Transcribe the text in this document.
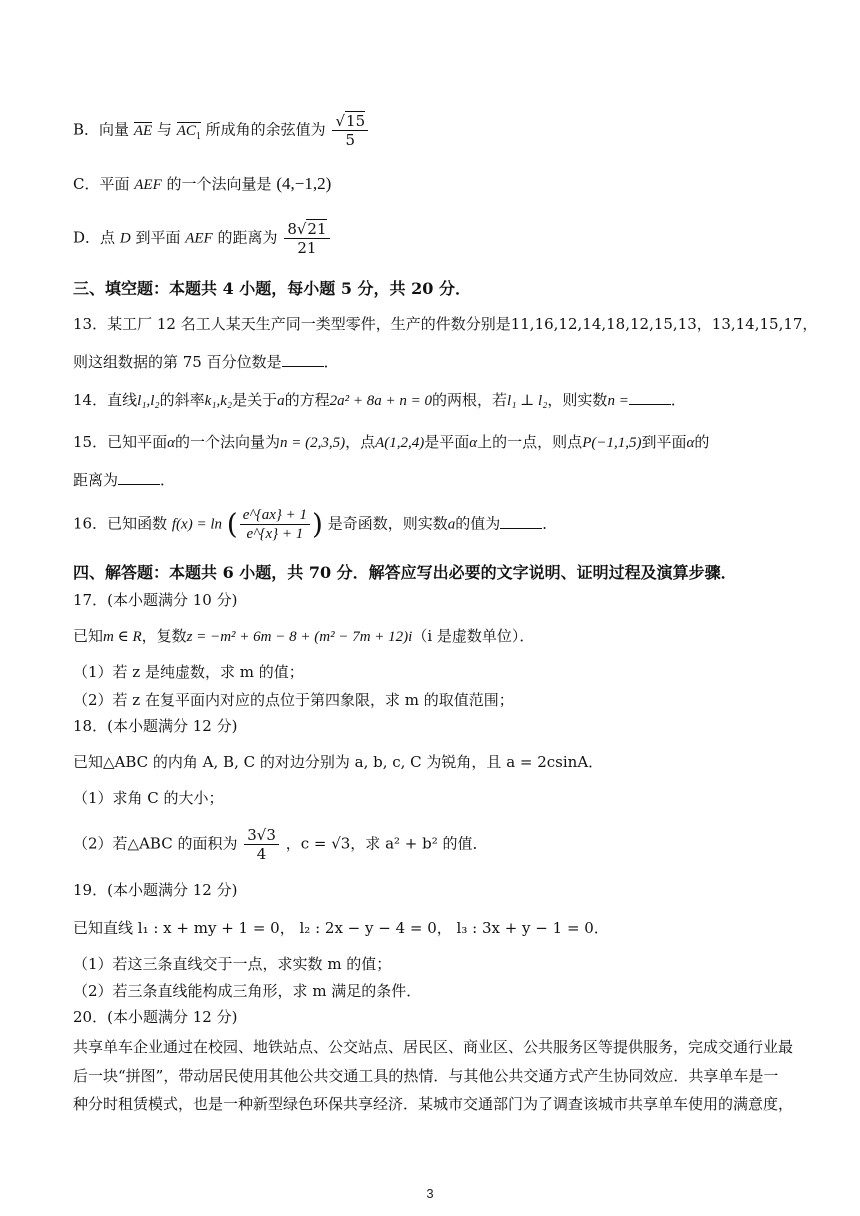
B．向量 AE 与 $AC_1$ 所成角的余弦值为 $\frac{√15}{5}$
C．平面 AEF 的一个法向量是 (4,−1,2)
D．点 D 到平面 AEF 的距离为 $\frac{8√21}{21}$
三、填空题：本题共 4 小题，每小题 5 分，共 20 分．
13．某工厂 12 名工人某天生产同一类型零件，生产的件数分别是11,16,12,14,18,12,15,13，13,14,15,17，
则这组数据的第 75 百分位数是	．
14．直线l₁,l₂的斜率k₁,k₂是关于a的方程2a² + 8a + n = 0的两根，若l₁ ⊥ l₂，则实数n =	．
15．已知平面α的一个法向量为n = (2,3,5)，点A(1,2,4)是平面α上的一点，则点P(−1,1,5)到平面α的
距离为	．
16．已知函数 f(x) = ln ( $\frac{e\^{}\{ax\} + 1}{e\^{}\{x\} + 1}$ ) 是奇函数，则实数a的值为	．
四、解答题：本题共 6 小题，共 70 分．解答应写出必要的文字说明、证明过程及演算步骤．
17．(本小题满分 10 分)
已知m ∈ R，复数z = −m² + 6m − 8 + (m² − 7m + 12)i（i 是虚数单位）．
（1）若 z 是纯虚数，求 m 的值；
（2）若 z 在复平面内对应的点位于第四象限，求 m 的取值范围；
18．(本小题满分 12 分)
已知△ABC 的内角 A, B, C 的对边分别为 a, b, c, C 为锐角，且 a = 2csinA．
（1）求角 C 的大小；
（2）若△ABC 的面积为 $\frac{3√3}{4}$ ，c = √3，求 a² + b² 的值．
19．(本小题满分 12 分)
已知直线 l₁ : x + my + 1 = 0， l₂ : 2x − y − 4 = 0， l₃ : 3x + y − 1 = 0．
（1）若这三条直线交于一点，求实数 m 的值；
（2）若三条直线能构成三角形，求 m 满足的条件．
20．(本小题满分 12 分)
共享单车企业通过在校园、地铁站点、公交站点、居民区、商业区、公共服务区等提供服务，完成交通行业最
后一块“拼图”，带动居民使用其他公共交通工具的热情．与其他公共交通方式产生协同效应．共享单车是一
种分时租赁模式，也是一种新型绿色环保共享经济．某城市交通部门为了调查该城市共享单车使用的满意度，
3
